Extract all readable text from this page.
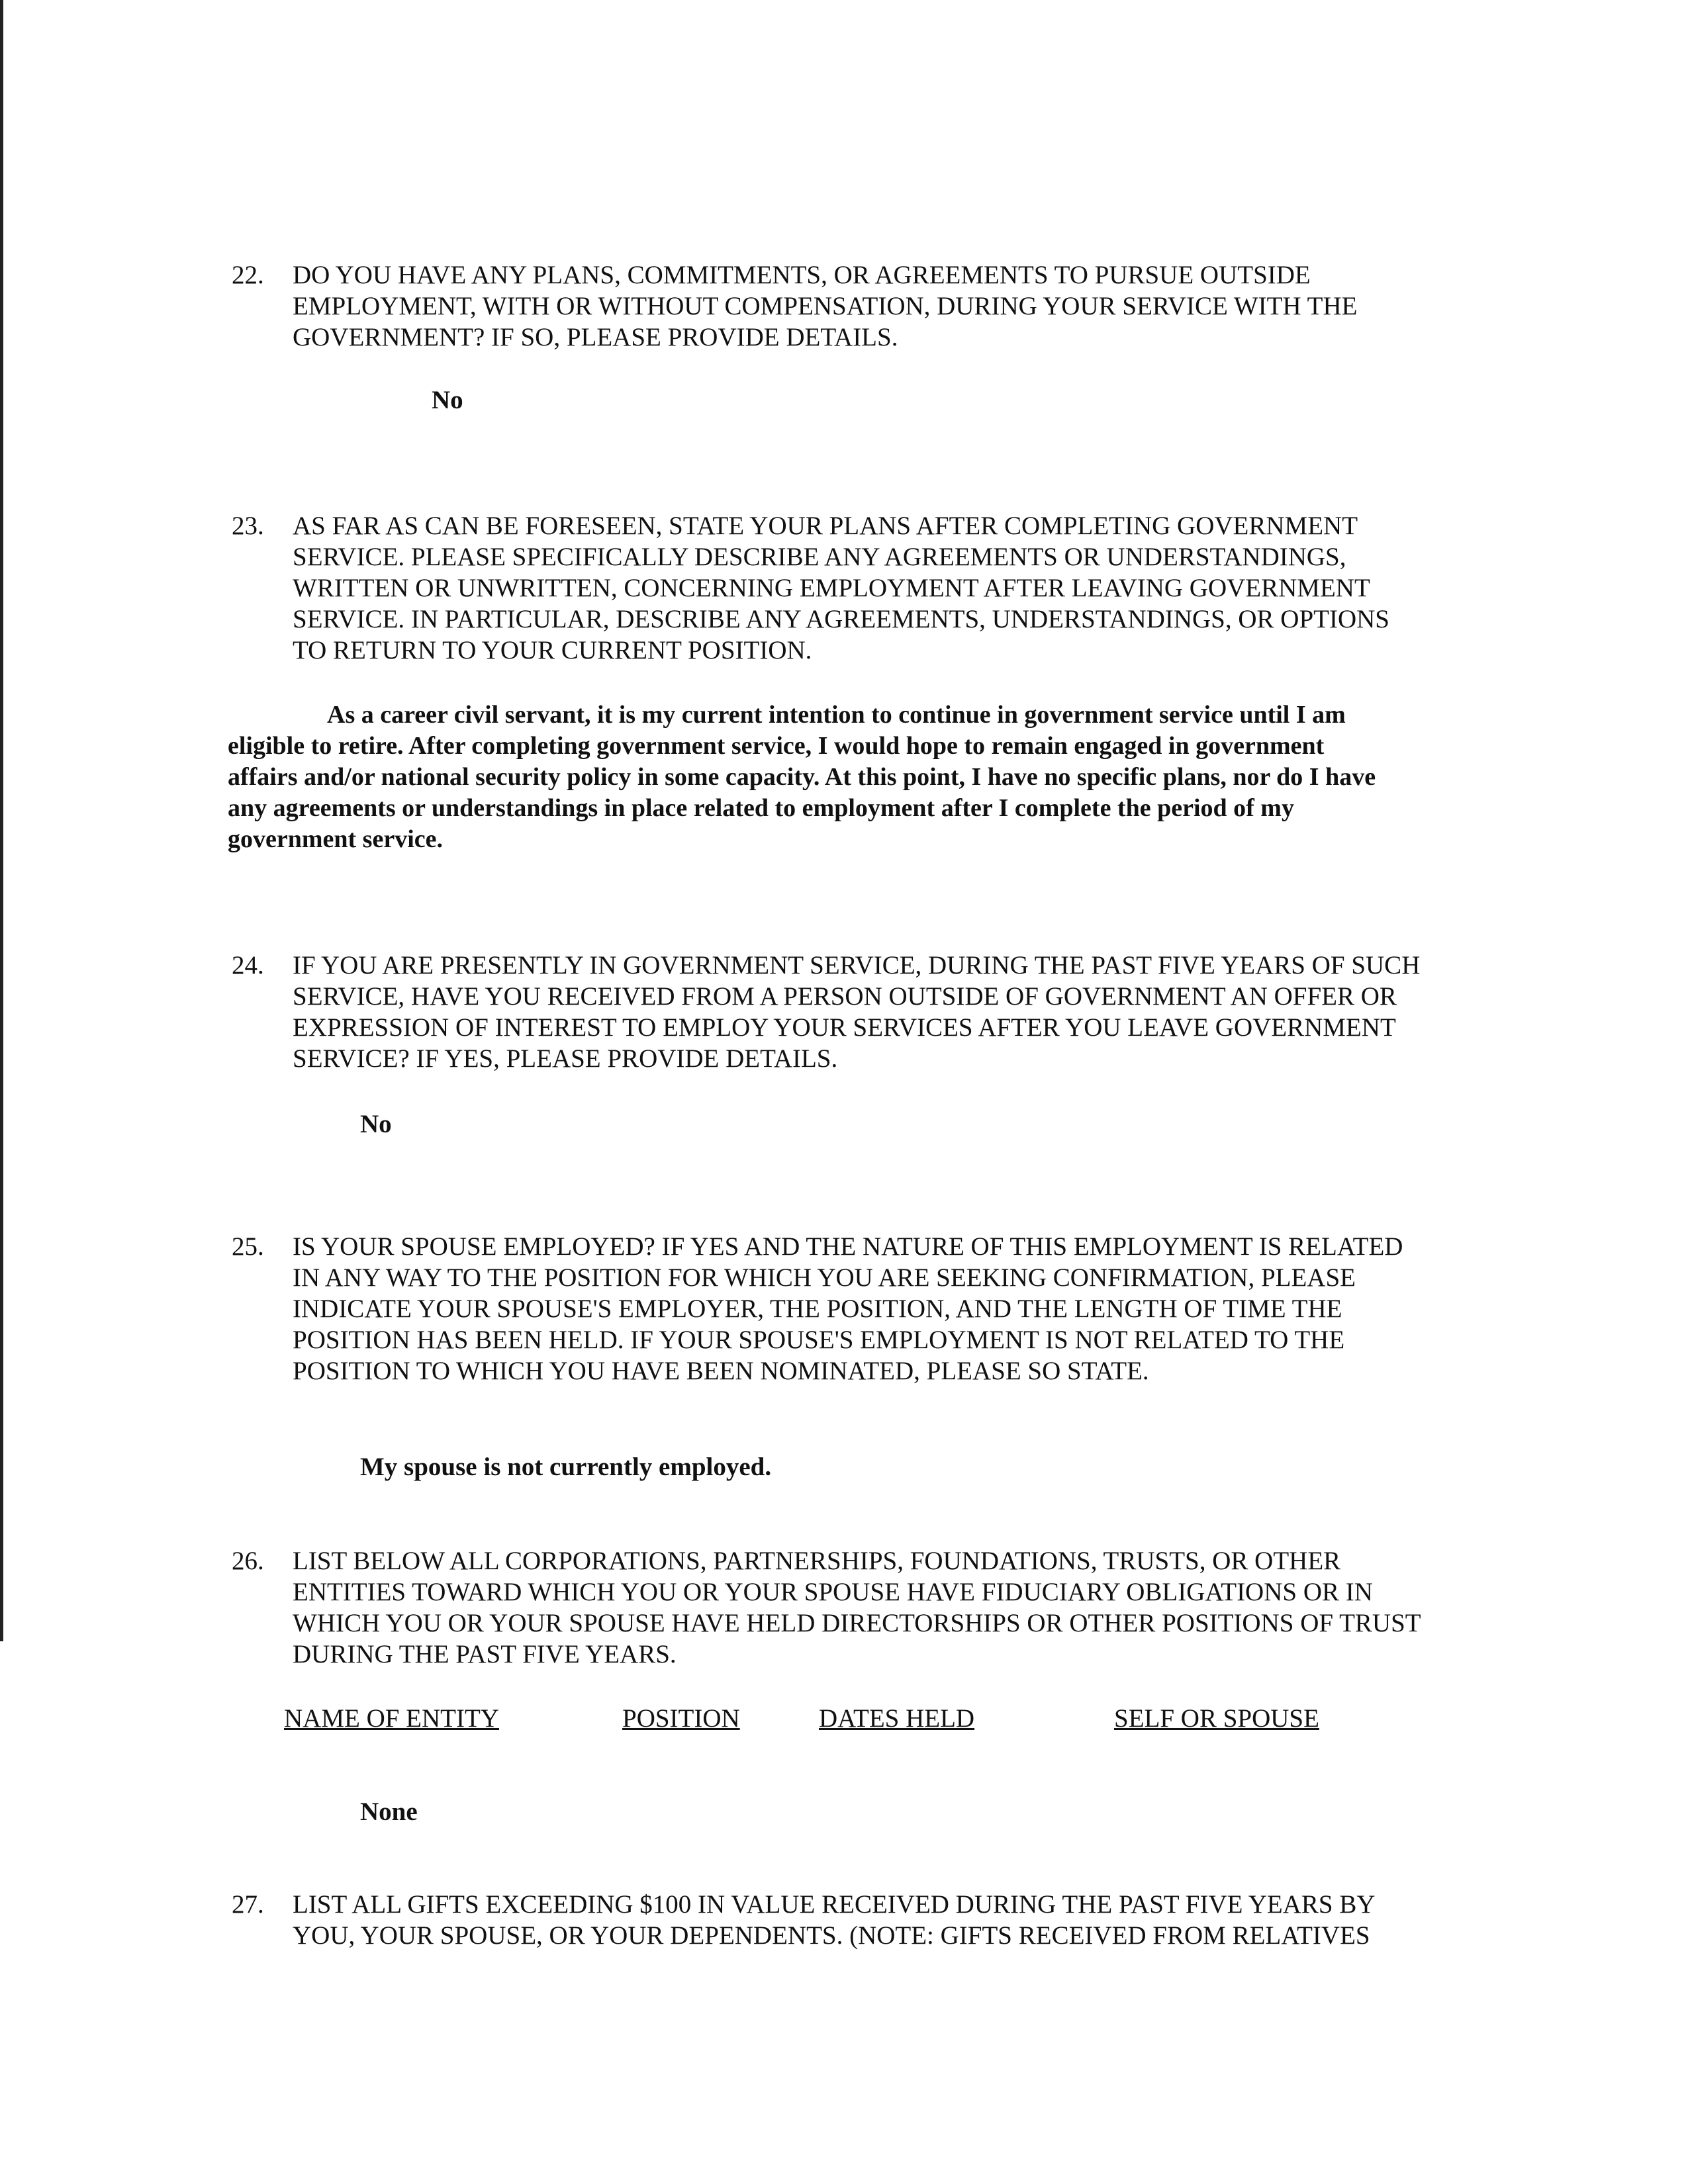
22. DO YOU HAVE ANY PLANS, COMMITMENTS, OR AGREEMENTS TO PURSUE OUTSIDE
EMPLOYMENT, WITH OR WITHOUT COMPENSATION, DURING YOUR SERVICE WITH THE
GOVERNMENT? IF SO, PLEASE PROVIDE DETAILS.
No
23. AS FAR AS CAN BE FORESEEN, STATE YOUR PLANS AFTER COMPLETING GOVERNMENT
SERVICE. PLEASE SPECIFICALLY DESCRIBE ANY AGREEMENTS OR UNDERSTANDINGS,
WRITTEN OR UNWRITTEN, CONCERNING EMPLOYMENT AFTER LEAVING GOVERNMENT
SERVICE. IN PARTICULAR, DESCRIBE ANY AGREEMENTS, UNDERSTANDINGS, OR OPTIONS
TO RETURN TO YOUR CURRENT POSITION.
As a career civil servant, it is my current intention to continue in government service until I am
eligible to retire. After completing government service, I would hope to remain engaged in government
affairs and/or national security policy in some capacity. At this point, I have no specific plans, nor do I have
any agreements or understandings in place related to employment after I complete the period of my
government service.
24. IF YOU ARE PRESENTLY IN GOVERNMENT SERVICE, DURING THE PAST FIVE YEARS OF SUCH
SERVICE, HAVE YOU RECEIVED FROM A PERSON OUTSIDE OF GOVERNMENT AN OFFER OR
EXPRESSION OF INTEREST TO EMPLOY YOUR SERVICES AFTER YOU LEAVE GOVERNMENT
SERVICE? IF YES, PLEASE PROVIDE DETAILS.
No
25. IS YOUR SPOUSE EMPLOYED? IF YES AND THE NATURE OF THIS EMPLOYMENT IS RELATED
IN ANY WAY TO THE POSITION FOR WHICH YOU ARE SEEKING CONFIRMATION, PLEASE
INDICATE YOUR SPOUSE'S EMPLOYER, THE POSITION, AND THE LENGTH OF TIME THE
POSITION HAS BEEN HELD. IF YOUR SPOUSE'S EMPLOYMENT IS NOT RELATED TO THE
POSITION TO WHICH YOU HAVE BEEN NOMINATED, PLEASE SO STATE.
My spouse is not currently employed.
26. LIST BELOW ALL CORPORATIONS, PARTNERSHIPS, FOUNDATIONS, TRUSTS, OR OTHER
ENTITIES TOWARD WHICH YOU OR YOUR SPOUSE HAVE FIDUCIARY OBLIGATIONS OR IN
WHICH YOU OR YOUR SPOUSE HAVE HELD DIRECTORSHIPS OR OTHER POSITIONS OF TRUST
DURING THE PAST FIVE YEARS.
NAME OF ENTITY	POSITION	DATES HELD	SELF OR SPOUSE
None
27. LIST ALL GIFTS EXCEEDING $100 IN VALUE RECEIVED DURING THE PAST FIVE YEARS BY
YOU, YOUR SPOUSE, OR YOUR DEPENDENTS. (NOTE: GIFTS RECEIVED FROM RELATIVES
